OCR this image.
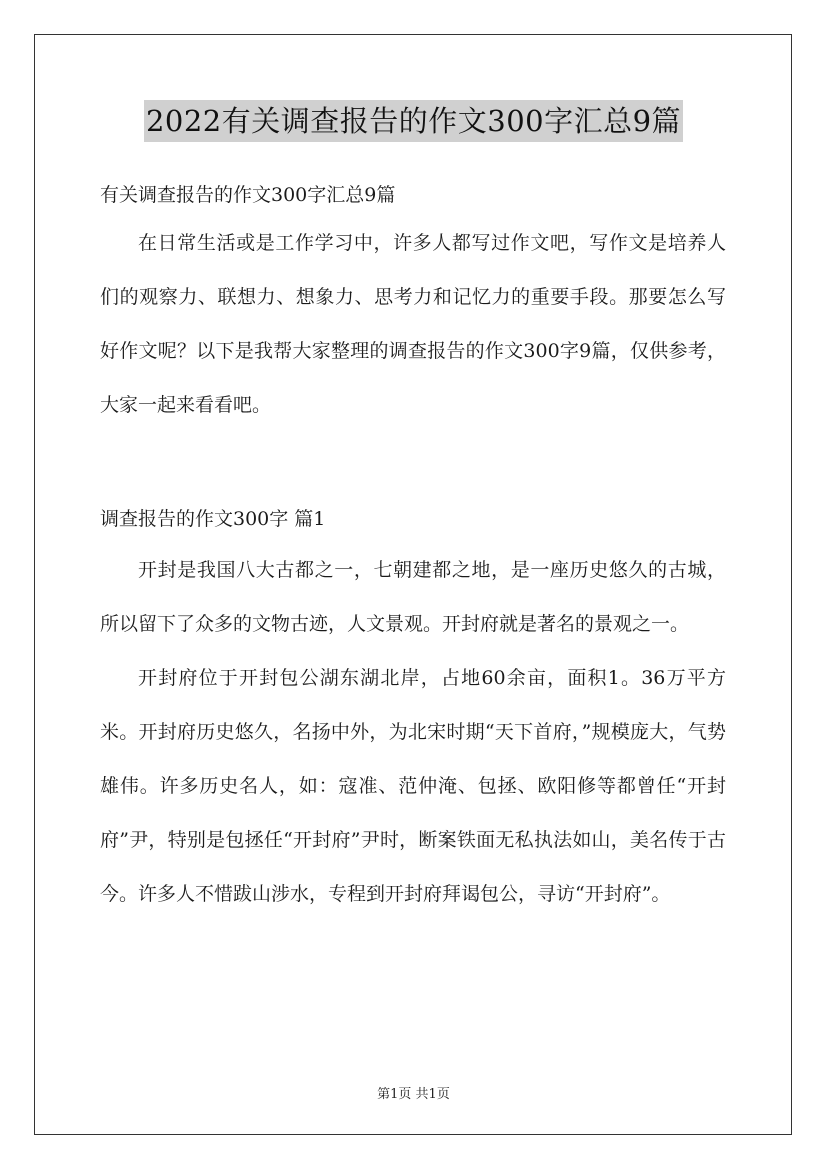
2022有关调查报告的作文300字汇总9篇
有关调查报告的作文300字汇总9篇

在日常生活或是工作学习中，许多人都写过作文吧，写作文是培养人们的观察力、联想力、想象力、思考力和记忆力的重要手段。那要怎么写好作文呢？以下是我帮大家整理的调查报告的作文300字9篇，仅供参考，大家一起来看看吧。

调查报告的作文300字 篇1

开封是我国八大古都之一，七朝建都之地，是一座历史悠久的古城，所以留下了众多的文物古迹，人文景观。开封府就是著名的景观之一。

开封府位于开封包公湖东湖北岸，占地60余亩，面积1。36万平方米。开封府历史悠久，名扬中外，为北宋时期“天下首府，”规模庞大，气势雄伟。许多历史名人，如：寇准、范仲淹、包拯、欧阳修等都曾任“开封府”尹，特别是包拯任“开封府”尹时，断案铁面无私执法如山，美名传于古今。许多人不惜跋山涉水，专程到开封府拜谒包公，寻访“开封府”。

第1页 共1页
